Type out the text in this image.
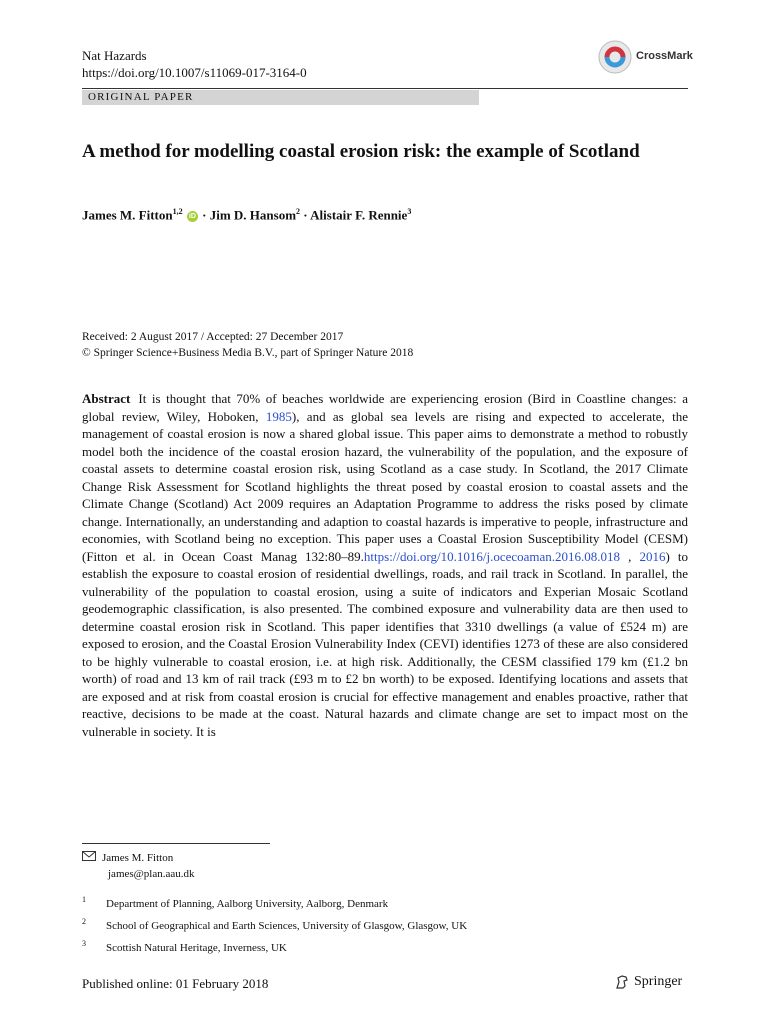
Nat Hazards
https://doi.org/10.1007/s11069-017-3164-0
CrossMark
ORIGINAL PAPER
A method for modelling coastal erosion risk: the example of Scotland
James M. Fitton$^{1,2}$ iD · Jim D. Hansom$^2$ · Alistair F. Rennie$^3$
Received: 2 August 2017 / Accepted: 27 December 2017
© Springer Science+Business Media B.V., part of Springer Nature 2018
Abstract It is thought that 70% of beaches worldwide are experiencing erosion (Bird in Coastline changes: a global review, Wiley, Hoboken, 1985), and as global sea levels are rising and expected to accelerate, the management of coastal erosion is now a shared global issue. This paper aims to demonstrate a method to robustly model both the incidence of the coastal erosion hazard, the vulnerability of the population, and the exposure of coastal assets to determine coastal erosion risk, using Scotland as a case study. In Scotland, the 2017 Climate Change Risk Assessment for Scotland highlights the threat posed by coastal erosion to coastal assets and the Climate Change (Scotland) Act 2009 requires an Adaptation Programme to address the risks posed by climate change. Internationally, an understanding and adaption to coastal hazards is imperative to people, infrastructure and economies, with Scotland being no exception. This paper uses a Coastal Erosion Susceptibility Model (CESM) (Fitton et al. in Ocean Coast Manag 132:80–89.https://doi.org/10.1016/j.ocecoaman.2016.08.018 , 2016) to establish the exposure to coastal erosion of residential dwellings, roads, and rail track in Scotland. In parallel, the vulnerability of the population to coastal erosion, using a suite of indicators and Experian Mosaic Scotland geodemographic classification, is also presented. The combined exposure and vulnerability data are then used to determine coastal erosion risk in Scotland. This paper identifies that 3310 dwellings (a value of £524 m) are exposed to erosion, and the Coastal Erosion Vulnerability Index (CEVI) identifies 1273 of these are also considered to be highly vulnerable to coastal erosion, i.e. at high risk. Additionally, the CESM classified 179 km (£1.2 bn worth) of road and 13 km of rail track (£93 m to £2 bn worth) to be exposed. Identifying locations and assets that are exposed and at risk from coastal erosion is crucial for effective management and enables proactive, rather that reactive, decisions to be made at the coast. Natural hazards and climate change are set to impact most on the vulnerable in society. It is
James M. Fitton
james@plan.aau.dk
$^1$ Department of Planning, Aalborg University, Aalborg, Denmark
$^2$ School of Geographical and Earth Sciences, University of Glasgow, Glasgow, UK
$^3$ Scottish Natural Heritage, Inverness, UK
Published online: 01 February 2018	Springer
